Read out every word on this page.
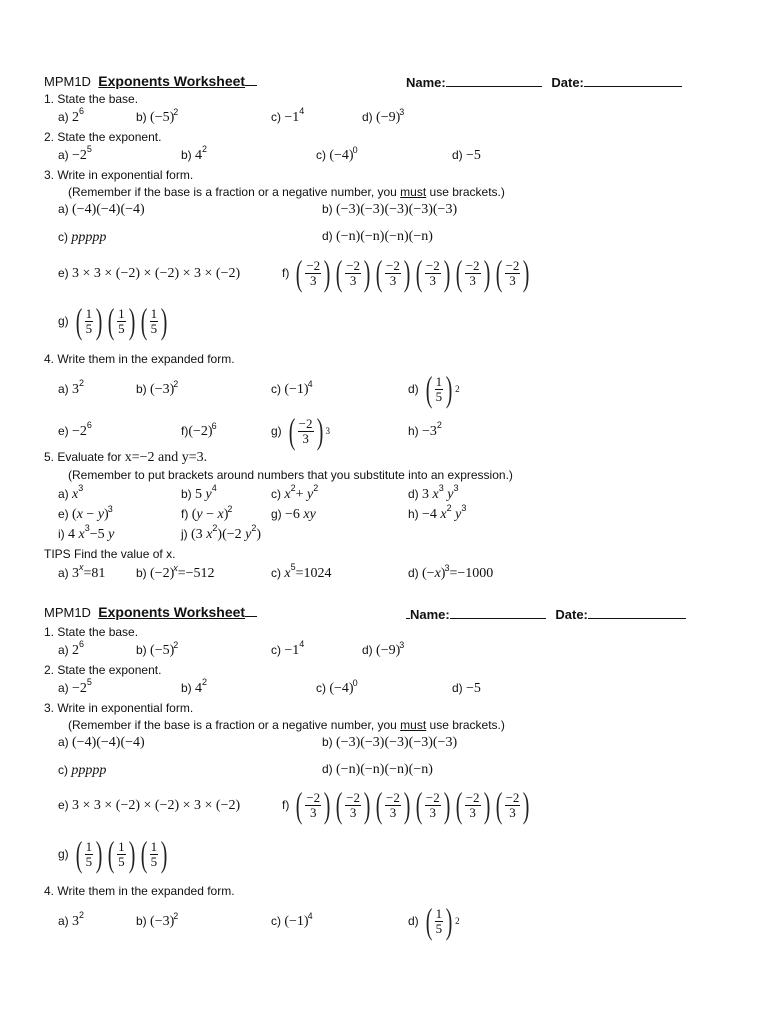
MPM1D Exponents Worksheet	Name:	Date:
1. State the base.
a) $2^6$	b) $(-5)^2$	$c) -1^4$	d) $(-9)^3$
2. State the exponent.
$a) -2^5$	b) $4^2$	c) $(-4)^0$	d) −5
3. Write in exponential form.
(Remember if the base is a fraction or a negative number, you must use brackets.)
a) (−4)(−4)(−4)	b) (−3)(−3)(−3)(−3)(−3)
c) ppppp	d) (−n)(−n)(−n)(−n)
e) 3 × 3 × (−2) × (−2) × 3 × (−2)	f) ( −2
3 ) ( −2
3 ) ( −2
3 ) ( −2
3 ) ( −2
3 ) ( −2
3 )
g) ( 1
5 ) ( 1
5 ) ( 1
5 )
4. Write them in the expanded form.
a) $3^2$	b) $(-3)^2$	c) $(-1)^4$	d) ( 1
5 ) 2
$e) -2^6$	$f)(-2)^6$	g) ( −2
3 ) 3	$h) -3^2$
5. Evaluate for x=−2 and y=3.
(Remember to put brackets around numbers that you substitute into an expression.)
a) $x^3$	b) 5 $y^4$	c) $x^2+ y^2$	d) 3 $x^3$ $y^3$
e) $(x - y)^3$	f) $(y - x)^2$	g) −6 xy	h) −4 $x^2$ $y^3$
i) 4 $x^3-5$ y	j) (3 $x^2)(-2$ $y^2$)
TIPS Find the value of x.
a) $3^x=81$	b) $(-2)^x=-512$	c) $x^5=1024$	d) $(-x)^3=-1000$
MPM1D Exponents Worksheet	Name:	Date:
1. State the base.
a) $2^6$	b) $(-5)^2$	$c) -1^4$	d) $(-9)^3$
2. State the exponent.
$a) -2^5$	b) $4^2$	c) $(-4)^0$	d) −5
3. Write in exponential form.
(Remember if the base is a fraction or a negative number, you must use brackets.)
a) (−4)(−4)(−4)	b) (−3)(−3)(−3)(−3)(−3)
c) ppppp	d) (−n)(−n)(−n)(−n)
e) 3 × 3 × (−2) × (−2) × 3 × (−2)	f) ( −2
3 ) ( −2
3 ) ( −2
3 ) ( −2
3 ) ( −2
3 ) ( −2
3 )
g) ( 1
5 ) ( 1
5 ) ( 1
5 )
4. Write them in the expanded form.
a) $3^2$	b) $(-3)^2$	c) $(-1)^4$	d) ( 1
5 ) 2
